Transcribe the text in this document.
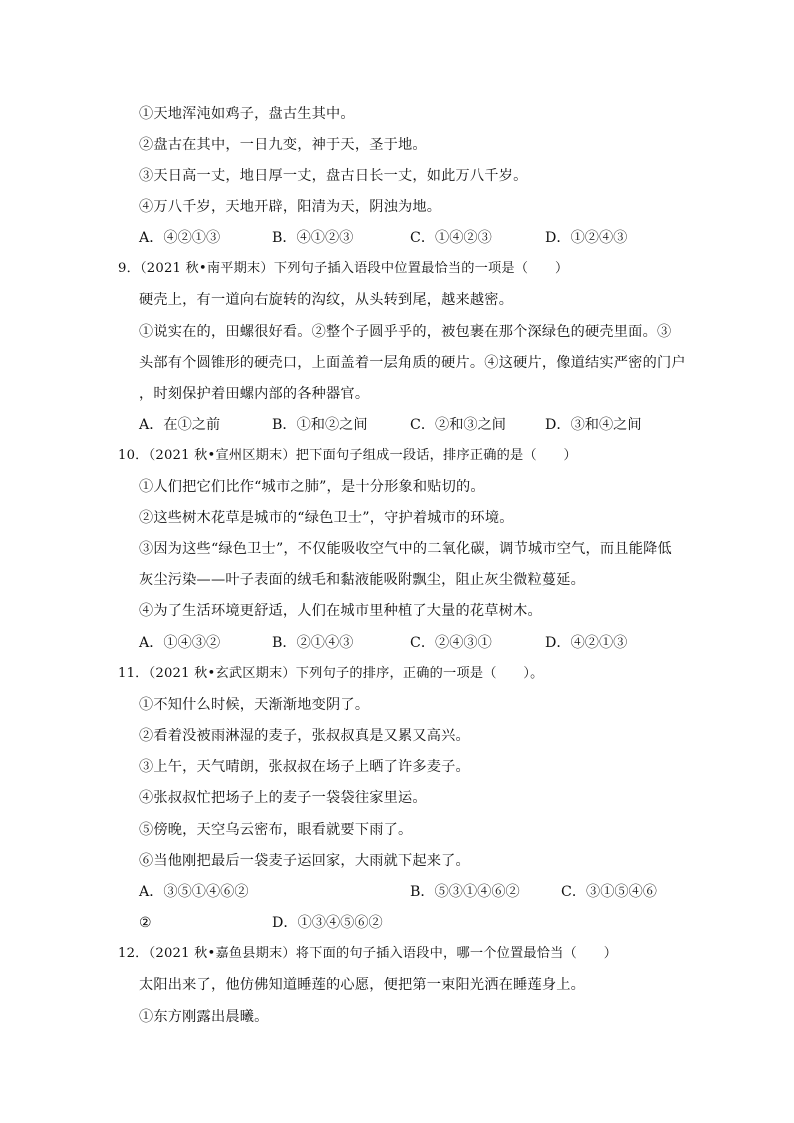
①天地浑沌如鸡子，盘古生其中。
②盘古在其中，一日九变，神于天，圣于地。
③天日高一丈，地日厚一丈，盘古日长一丈，如此万八千岁。
④万八千岁，天地开辟，阳清为天，阴浊为地。
A．④②①③	B．④①②③	C．①④②③	D．①②④③
9．（2021 秋•南平期末）下列句子插入语段中位置最恰当的一项是（　　）
硬壳上，有一道向右旋转的沟纹，从头转到尾，越来越密。
①说实在的，田螺很好看。②整个子圆乎乎的，被包裹在那个深绿色的硬壳里面。③
头部有个圆锥形的硬壳口，上面盖着一层角质的硬片。④这硬片，像道结实严密的门户
，时刻保护着田螺内部的各种器官。
A．在①之前	B．①和②之间	C．②和③之间	D．③和④之间
10．（2021 秋•宣州区期末）把下面句子组成一段话，排序正确的是（　　）
①人们把它们比作“城市之肺”，是十分形象和贴切的。
②这些树木花草是城市的“绿色卫士”，守护着城市的环境。
③因为这些“绿色卫士”，不仅能吸收空气中的二氧化碳，调节城市空气，而且能降低
灰尘污染——叶子表面的绒毛和黏液能吸附飘尘，阻止灰尘微粒蔓延。
④为了生活环境更舒适，人们在城市里种植了大量的花草树木。
A．①④③②	B．②①④③	C．②④③①	D．④②①③
11．（2021 秋•玄武区期末）下列句子的排序，正确的一项是（　　）。
①不知什么时候，天渐渐地变阴了。
②看着没被雨淋湿的麦子，张叔叔真是又累又高兴。
③上午，天气晴朗，张叔叔在场子上晒了许多麦子。
④张叔叔忙把场子上的麦子一袋袋往家里运。
⑤傍晚，天空乌云密布，眼看就要下雨了。
⑥当他刚把最后一袋麦子运回家，大雨就下起来了。
A．③⑤①④⑥②	B．⑤③①④⑥②	C．③①⑤④⑥
②	D．①③④⑤⑥②
12．（2021 秋•嘉鱼县期末）将下面的句子插入语段中，哪一个位置最恰当（　　）
太阳出来了，他仿佛知道睡莲的心愿，便把第一束阳光洒在睡莲身上。
①东方刚露出晨曦。
